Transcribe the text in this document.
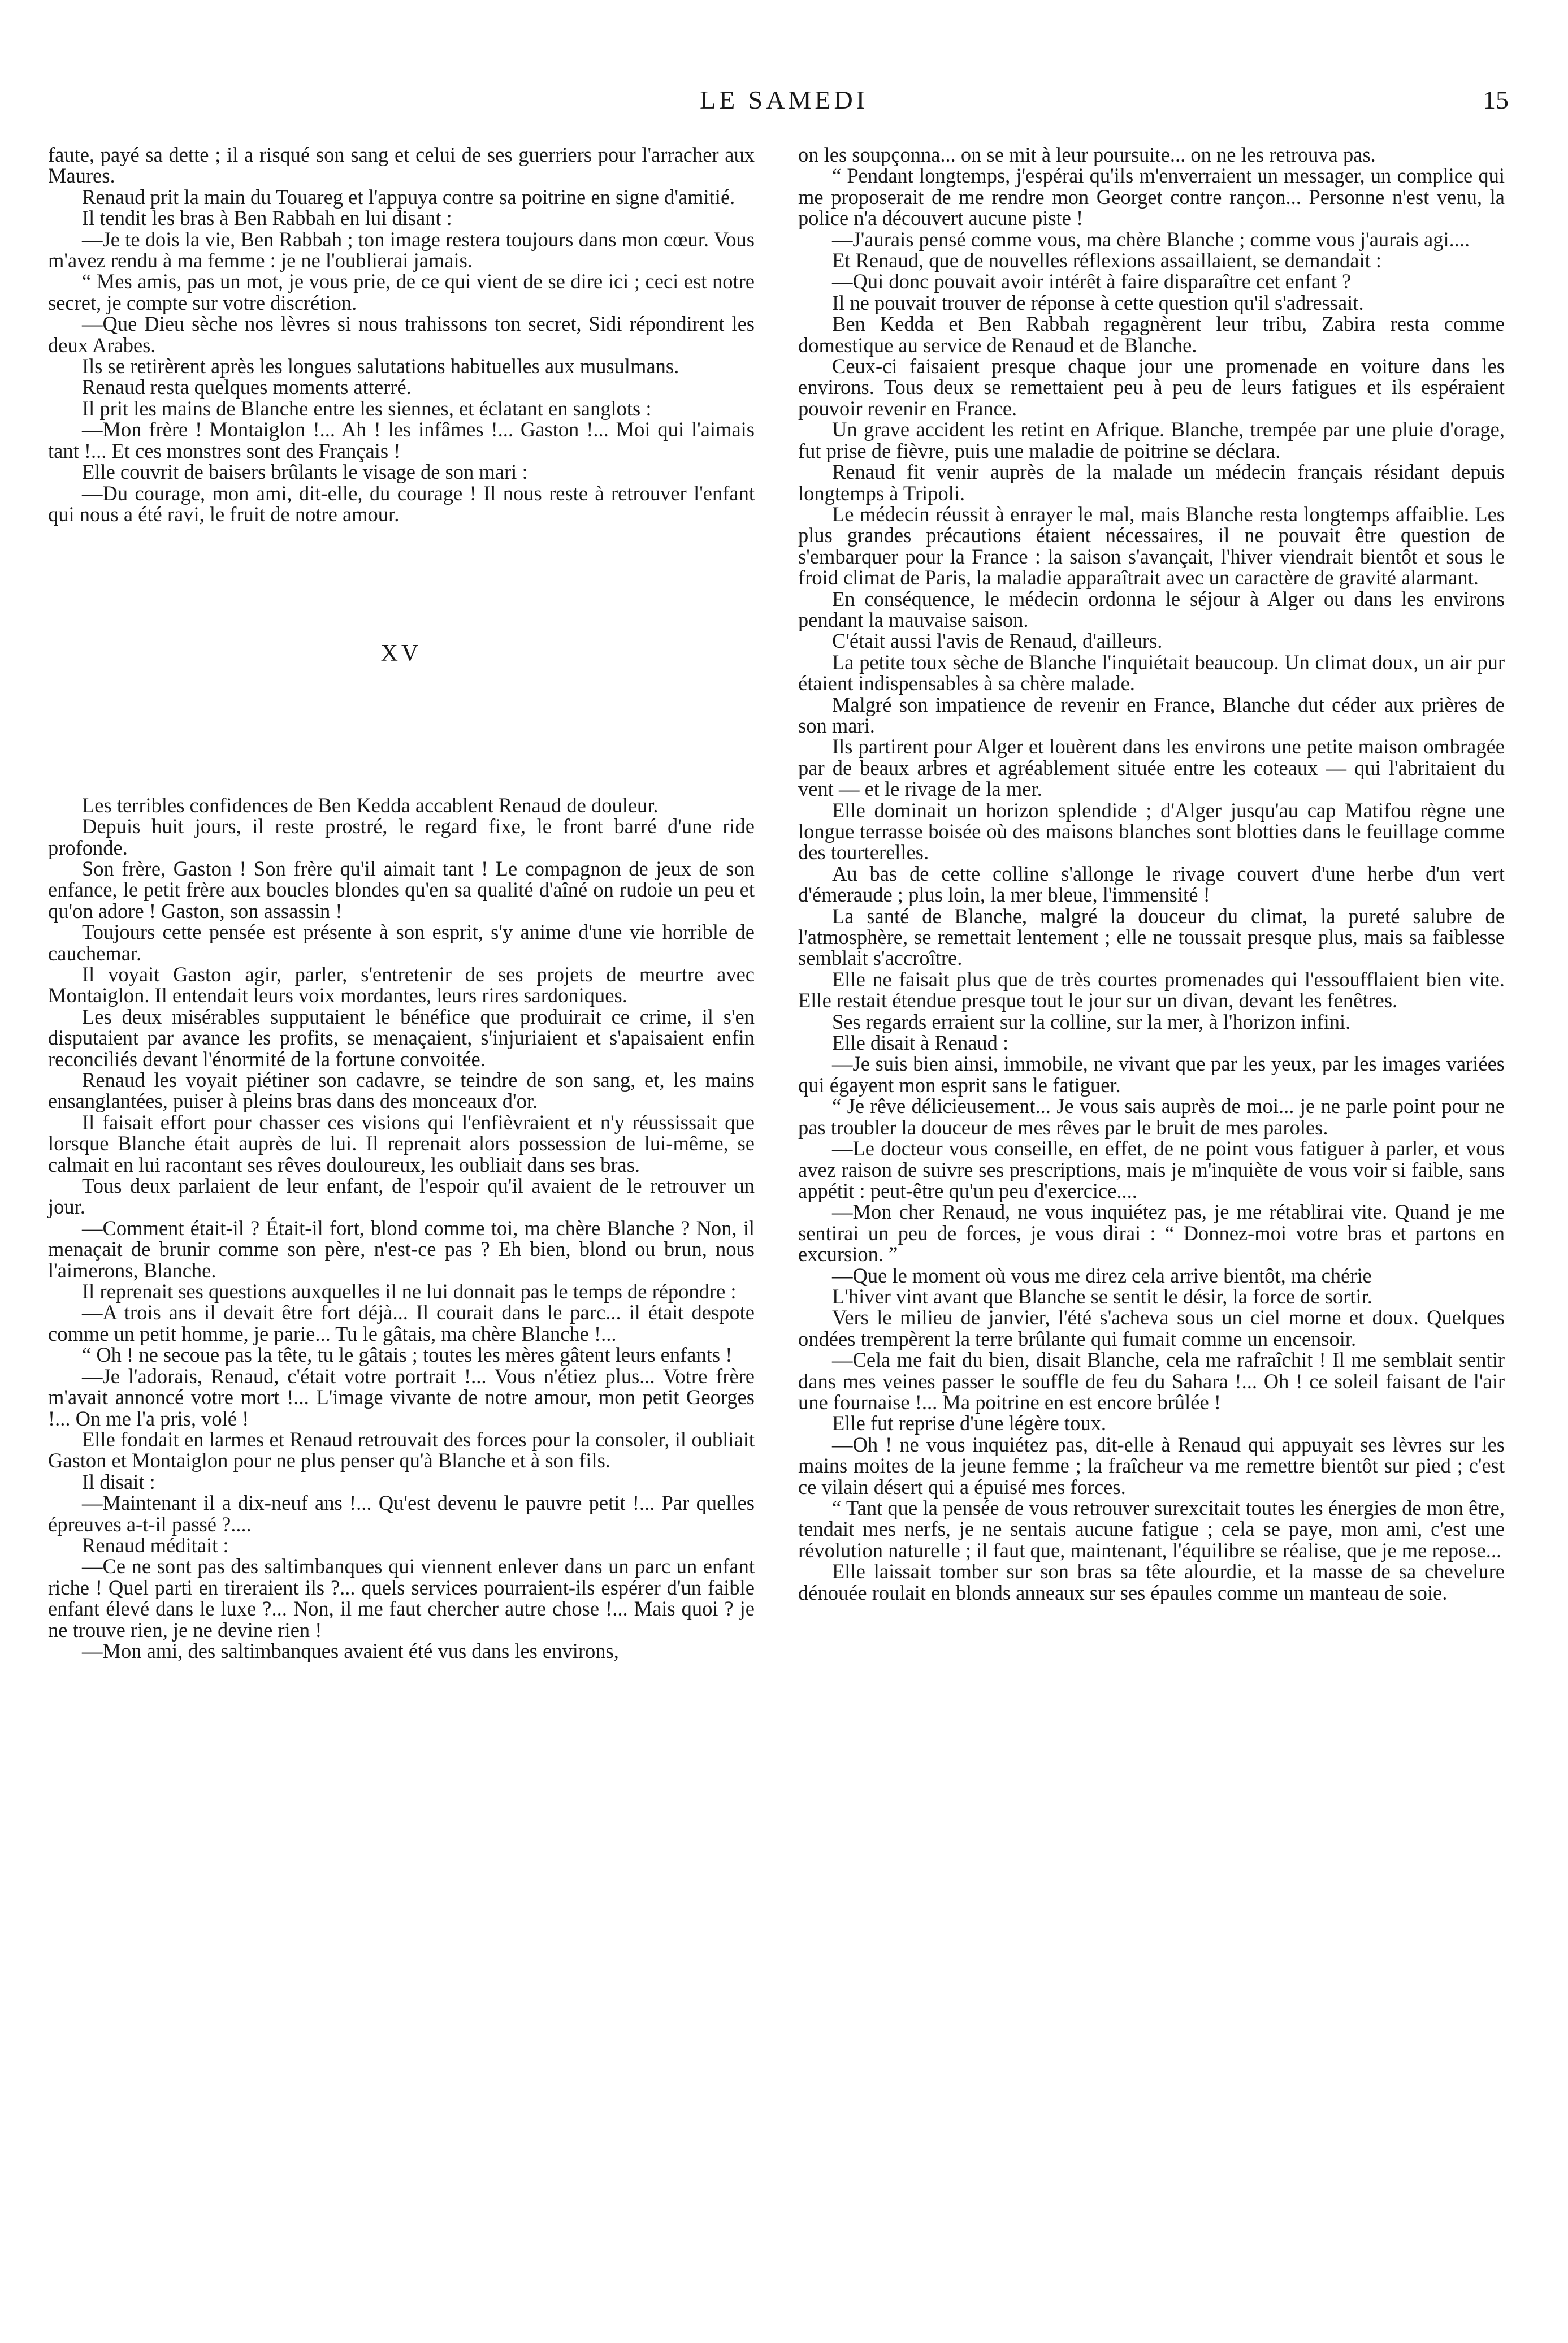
LE SAMEDI	15

faute, payé sa dette ; il a risqué son sang et celui de ses guerriers pour l'arracher aux Maures.

Renaud prit la main du Touareg et l'appuya contre sa poitrine en signe d'amitié.

Il tendit les bras à Ben Rabbah en lui disant :

—Je te dois la vie, Ben Rabbah ; ton image restera toujours dans mon cœur. Vous m'avez rendu à ma femme : je ne l'oublierai jamais.

“ Mes amis, pas un mot, je vous prie, de ce qui vient de se dire ici ; ceci est notre secret, je compte sur votre discrétion.

—Que Dieu sèche nos lèvres si nous trahissons ton secret, Sidi répondirent les deux Arabes.

Ils se retirèrent après les longues salutations habituelles aux musulmans.

Renaud resta quelques moments atterré.

Il prit les mains de Blanche entre les siennes, et éclatant en sanglots :

—Mon frère ! Montaiglon !... Ah ! les infâmes !... Gaston !... Moi qui l'aimais tant !... Et ces monstres sont des Français !

Elle couvrit de baisers brûlants le visage de son mari :

—Du courage, mon ami, dit-elle, du courage ! Il nous reste à retrouver l'enfant qui nous a été ravi, le fruit de notre amour.

XV

Les terribles confidences de Ben Kedda accablent Renaud de douleur.

Depuis huit jours, il reste prostré, le regard fixe, le front barré d'une ride profonde.

Son frère, Gaston ! Son frère qu'il aimait tant ! Le compagnon de jeux de son enfance, le petit frère aux boucles blondes qu'en sa qualité d'aîné on rudoie un peu et qu'on adore ! Gaston, son assassin !

Toujours cette pensée est présente à son esprit, s'y anime d'une vie horrible de cauchemar.

Il voyait Gaston agir, parler, s'entretenir de ses projets de meurtre avec Montaiglon. Il entendait leurs voix mordantes, leurs rires sardoniques.

Les deux misérables supputaient le bénéfice que produirait ce crime, il s'en disputaient par avance les profits, se menaçaient, s'injuriaient et s'apaisaient enfin reconciliés devant l'énormité de la fortune convoitée.

Renaud les voyait piétiner son cadavre, se teindre de son sang, et, les mains ensanglantées, puiser à pleins bras dans des monceaux d'or.

Il faisait effort pour chasser ces visions qui l'enfièvraient et n'y réussissait que lorsque Blanche était auprès de lui. Il reprenait alors possession de lui-même, se calmait en lui racontant ses rêves douloureux, les oubliait dans ses bras.

Tous deux parlaient de leur enfant, de l'espoir qu'il avaient de le retrouver un jour.

—Comment était-il ? Était-il fort, blond comme toi, ma chère Blanche ? Non, il menaçait de brunir comme son père, n'est-ce pas ? Eh bien, blond ou brun, nous l'aimerons, Blanche.

Il reprenait ses questions auxquelles il ne lui donnait pas le temps de répondre :

—A trois ans il devait être fort déjà... Il courait dans le parc... il était despote comme un petit homme, je parie... Tu le gâtais, ma chère Blanche !...

“ Oh ! ne secoue pas la tête, tu le gâtais ; toutes les mères gâtent leurs enfants !

—Je l'adorais, Renaud, c'était votre portrait !... Vous n'étiez plus... Votre frère m'avait annoncé votre mort !... L'image vivante de notre amour, mon petit Georges !... On me l'a pris, volé !

Elle fondait en larmes et Renaud retrouvait des forces pour la consoler, il oubliait Gaston et Montaiglon pour ne plus penser qu'à Blanche et à son fils.

Il disait :

—Maintenant il a dix-neuf ans !... Qu'est devenu le pauvre petit !... Par quelles épreuves a-t-il passé ?....

Renaud méditait :

—Ce ne sont pas des saltimbanques qui viennent enlever dans un parc un enfant riche ! Quel parti en tireraient ils ?... quels services pourraient-ils espérer d'un faible enfant élevé dans le luxe ?... Non, il me faut chercher autre chose !... Mais quoi ? je ne trouve rien, je ne devine rien !

—Mon ami, des saltimbanques avaient été vus dans les environs,

on les soupçonna... on se mit à leur poursuite... on ne les retrouva pas.

“ Pendant longtemps, j'espérai qu'ils m'enverraient un messager, un complice qui me proposerait de me rendre mon Georget contre rançon... Personne n'est venu, la police n'a découvert aucune piste !

—J'aurais pensé comme vous, ma chère Blanche ; comme vous j'aurais agi....

Et Renaud, que de nouvelles réflexions assaillaient, se demandait :

—Qui donc pouvait avoir intérêt à faire disparaître cet enfant ?

Il ne pouvait trouver de réponse à cette question qu'il s'adressait.

Ben Kedda et Ben Rabbah regagnèrent leur tribu, Zabira resta comme domestique au service de Renaud et de Blanche.

Ceux-ci faisaient presque chaque jour une promenade en voiture dans les environs. Tous deux se remettaient peu à peu de leurs fatigues et ils espéraient pouvoir revenir en France.

Un grave accident les retint en Afrique. Blanche, trempée par une pluie d'orage, fut prise de fièvre, puis une maladie de poitrine se déclara.

Renaud fit venir auprès de la malade un médecin français résidant depuis longtemps à Tripoli.

Le médecin réussit à enrayer le mal, mais Blanche resta longtemps affaiblie. Les plus grandes précautions étaient nécessaires, il ne pouvait être question de s'embarquer pour la France : la saison s'avançait, l'hiver viendrait bientôt et sous le froid climat de Paris, la maladie apparaîtrait avec un caractère de gravité alarmant.

En conséquence, le médecin ordonna le séjour à Alger ou dans les environs pendant la mauvaise saison.

C'était aussi l'avis de Renaud, d'ailleurs.

La petite toux sèche de Blanche l'inquiétait beaucoup. Un climat doux, un air pur étaient indispensables à sa chère malade.

Malgré son impatience de revenir en France, Blanche dut céder aux prières de son mari.

Ils partirent pour Alger et louèrent dans les environs une petite maison ombragée par de beaux arbres et agréablement située entre les coteaux — qui l'abritaient du vent — et le rivage de la mer.

Elle dominait un horizon splendide ; d'Alger jusqu'au cap Matifou règne une longue terrasse boisée où des maisons blanches sont blotties dans le feuillage comme des tourterelles.

Au bas de cette colline s'allonge le rivage couvert d'une herbe d'un vert d'émeraude ; plus loin, la mer bleue, l'immensité !

La santé de Blanche, malgré la douceur du climat, la pureté salubre de l'atmosphère, se remettait lentement ; elle ne toussait presque plus, mais sa faiblesse semblait s'accroître.

Elle ne faisait plus que de très courtes promenades qui l'essoufflaient bien vite. Elle restait étendue presque tout le jour sur un divan, devant les fenêtres.

Ses regards erraient sur la colline, sur la mer, à l'horizon infini.

Elle disait à Renaud :

—Je suis bien ainsi, immobile, ne vivant que par les yeux, par les images variées qui égayent mon esprit sans le fatiguer.

“ Je rêve délicieusement... Je vous sais auprès de moi... je ne parle point pour ne pas troubler la douceur de mes rêves par le bruit de mes paroles.

—Le docteur vous conseille, en effet, de ne point vous fatiguer à parler, et vous avez raison de suivre ses prescriptions, mais je m'inquiète de vous voir si faible, sans appétit : peut-être qu'un peu d'exercice....

—Mon cher Renaud, ne vous inquiétez pas, je me rétablirai vite. Quand je me sentirai un peu de forces, je vous dirai : “ Donnez-moi votre bras et partons en excursion. ”

—Que le moment où vous me direz cela arrive bientôt, ma chérie

L'hiver vint avant que Blanche se sentit le désir, la force de sortir.

Vers le milieu de janvier, l'été s'acheva sous un ciel morne et doux. Quelques ondées trempèrent la terre brûlante qui fumait comme un encensoir.

—Cela me fait du bien, disait Blanche, cela me rafraîchit ! Il me semblait sentir dans mes veines passer le souffle de feu du Sahara !... Oh ! ce soleil faisant de l'air une fournaise !... Ma poitrine en est encore brûlée !

Elle fut reprise d'une légère toux.

—Oh ! ne vous inquiétez pas, dit-elle à Renaud qui appuyait ses lèvres sur les mains moites de la jeune femme ; la fraîcheur va me remettre bientôt sur pied ; c'est ce vilain désert qui a épuisé mes forces.

“ Tant que la pensée de vous retrouver surexcitait toutes les énergies de mon être, tendait mes nerfs, je ne sentais aucune fatigue ; cela se paye, mon ami, c'est une révolution naturelle ; il faut que, maintenant, l'équilibre se réalise, que je me repose...

Elle laissait tomber sur son bras sa tête alourdie, et la masse de sa chevelure dénouée roulait en blonds anneaux sur ses épaules comme un manteau de soie.
